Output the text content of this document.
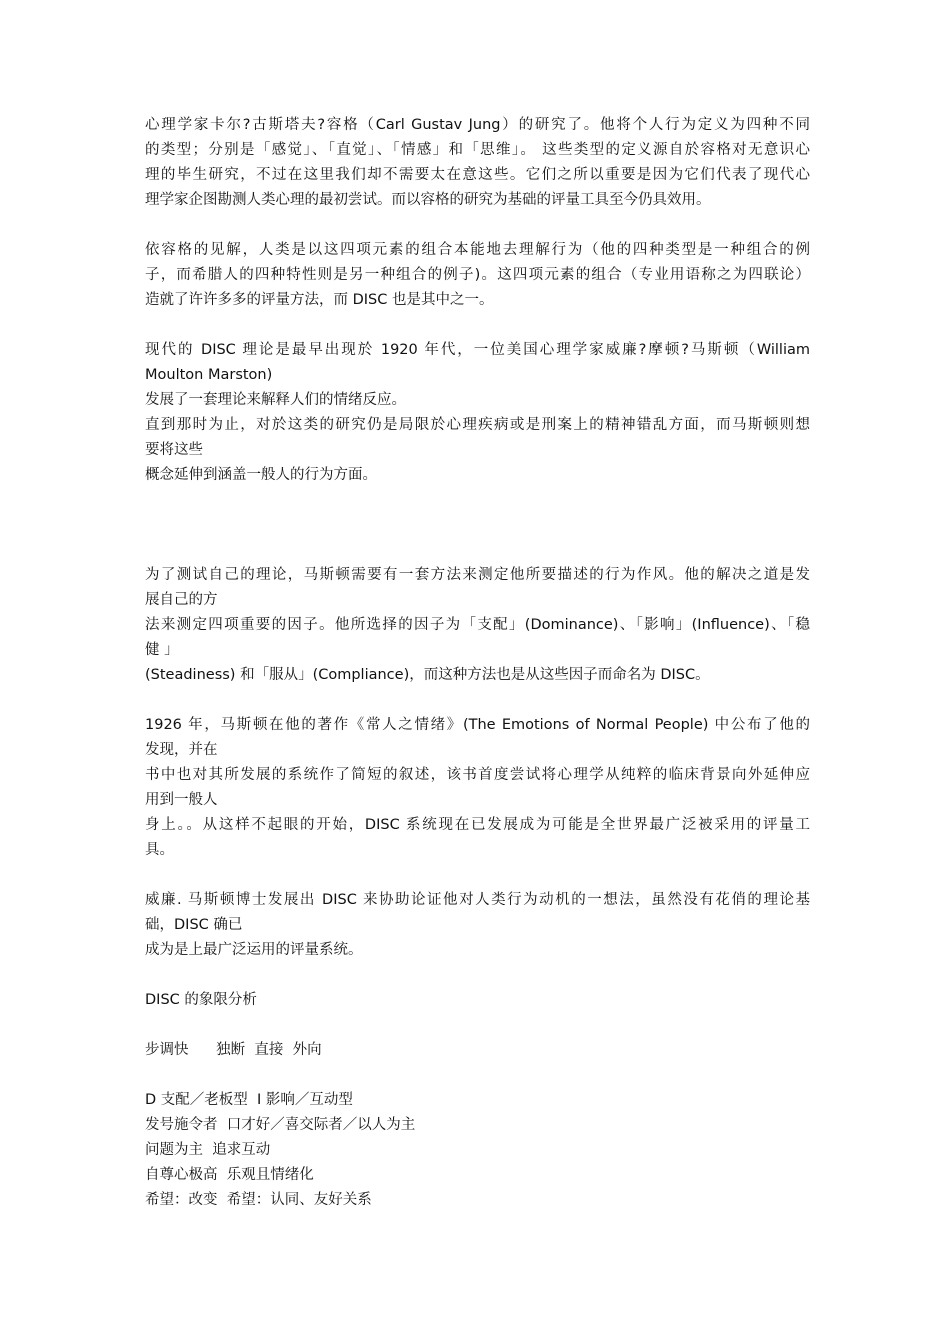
心理学家卡尔?古斯塔夫?容格（Carl Gustav Jung）的研究了。他将个人行为定义为四种不同
的类型；分别是「感觉」、「直觉」、「情感」和「思维」。 这些类型的定义源自於容格对无意识心
理的毕生研究，不过在这里我们却不需要太在意这些。它们之所以重要是因为它们代表了现代心
理学家企图勘测人类心理的最初尝试。而以容格的研究为基础的评量工具至今仍具效用。
依容格的见解，人类是以这四项元素的组合本能地去理解行为（他的四种类型是一种组合的例
子，而希腊人的四种特性则是另一种组合的例子)。这四项元素的组合（专业用语称之为四联论）
造就了许许多多的评量方法，而 DISC 也是其中之一。
现代的 DISC 理论是最早出现於 1920 年代，一位美国心理学家威廉?摩顿?马斯顿（William
Moulton Marston)
发展了一套理论来解释人们的情绪反应。
直到那时为止，对於这类的研究仍是局限於心理疾病或是刑案上的精神错乱方面，而马斯顿则想
要将这些
概念延伸到涵盖一般人的行为方面。
为了测试自己的理论，马斯顿需要有一套方法来测定他所要描述的行为作风。他的解决之道是发
展自己的方
法来测定四项重要的因子。他所选择的因子为「支配」(Dominance)、「影响」(Influence)、「稳
健 」
(Steadiness) 和「服从」(Compliance)，而这种方法也是从这些因子而命名为 DISC。
1926 年，马斯顿在他的著作《常人之情绪》(The Emotions of Normal People) 中公布了他的
发现，并在
书中也对其所发展的系统作了简短的叙述，该书首度尝试将心理学从纯粹的临床背景向外延伸应
用到一般人
身上。。从这样不起眼的开始，DISC 系统现在已发展成为可能是全世界最广泛被采用的评量工
具。
威廉. 马斯顿博士发展出 DISC 来协助论证他对人类行为动机的一想法，虽然没有花俏的理论基
础，DISC 确已
成为是上最广泛运用的评量系统。
DISC 的象限分析
步调快      独断  直接  外向
D 支配／老板型  I 影响／互动型
发号施令者  口才好／喜交际者／以人为主
问题为主  追求互动
自尊心极高  乐观且情绪化
希望：改变  希望：认同、友好关系
